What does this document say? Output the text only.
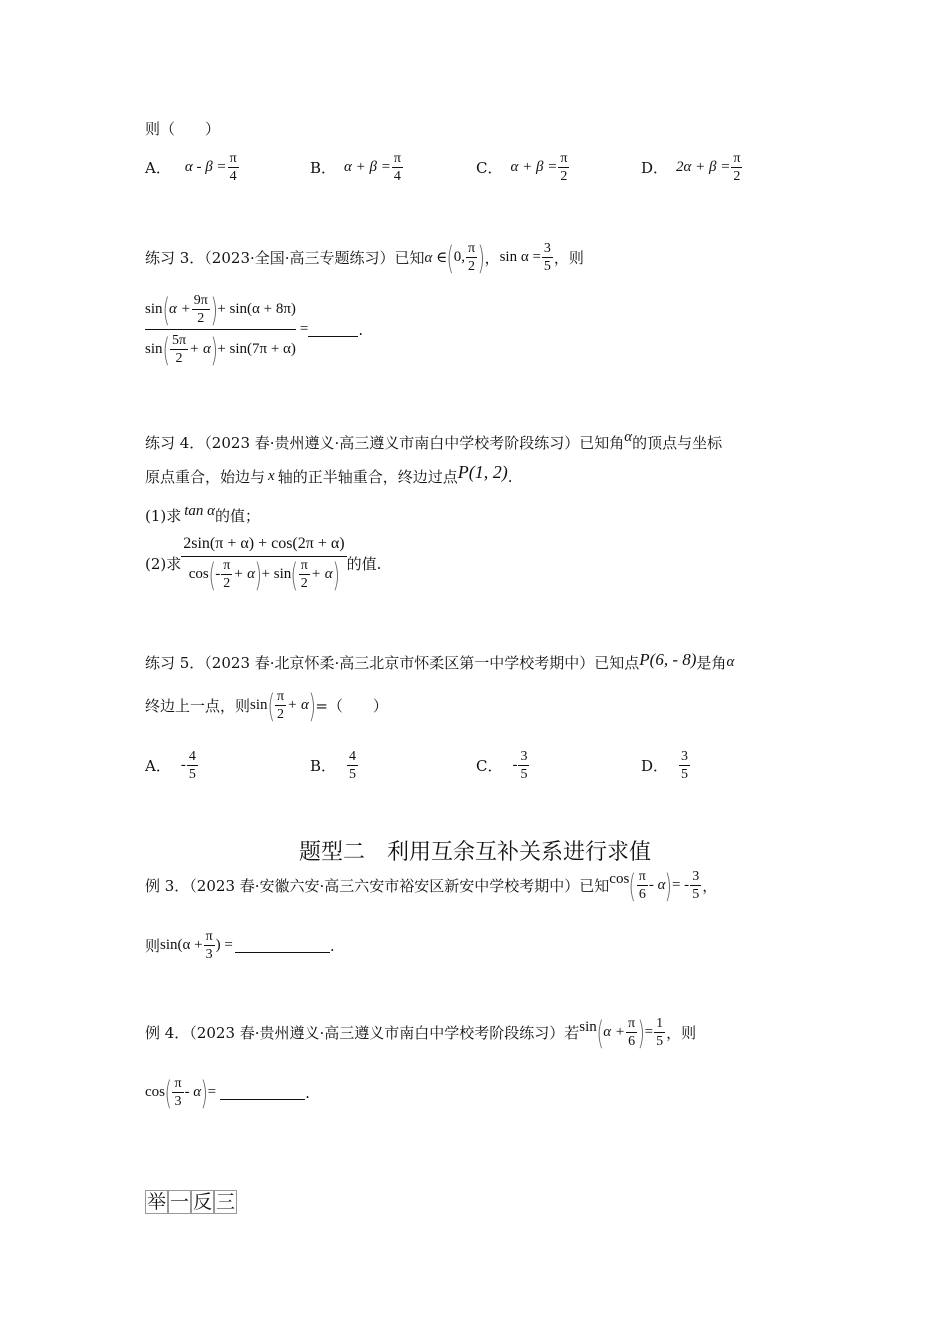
则（　　）
A． $\alpha - \beta = \frac{\pi}{4}$	B． $\alpha + \beta = \frac{\pi}{4}$	C． $\alpha + \beta = \frac{\pi}{2}$	D． $2\alpha + \beta = \frac{\pi}{2}$
练习 3．（2023·全国·高三专题练习）已知 α ∈ ( 0, $\frac{\pi}{2}$ ) ， $\sin \alpha = \frac{3}{5}$ ，则
$\frac{\sin ( \alpha + \frac{9\pi}{2} ) + \sin(\alpha + 8\pi)}{\sin ( \frac{5\pi}{2} + \alpha ) + \sin(7\pi + \alpha)}$ =	.
练习 4．（2023 春·贵州遵义·高三遵义市南白中学校考阶段练习）已知角 α 的顶点与坐标
原点重合，始边与 x 轴的正半轴重合，终边过点 P(1, 2) .
(1)求 tan α 的值；
(2)求
2sin(π + α) + cos(2π + α)
cos ( - $\frac{\pi}{2} + \alpha$ ) + sin ( $\frac{\pi}{2} + \alpha$ ) 的值.
练习 5．（2023 春·北京怀柔·高三北京市怀柔区第一中学校考期中）已知点 P(6, - 8) 是角 α
终边上一点，则 sin ( $\frac{\pi}{2} + \alpha$ ) =（　　）
A． - $\frac{4}{5}$	B． $\frac{4}{5}$	C． - $\frac{3}{5}$	D． $\frac{3}{5}$
题型二　利用互余互补关系进行求值
例 3．（2023 春·安徽六安·高三六安市裕安区新安中学校考期中）已知 cos ( $\frac{\pi}{6}$ - α ) = - $\frac{3}{5}$ ，
则 $\sin(\alpha + \frac{\pi}{3}$ ) =	.
例 4．（2023 春·贵州遵义·高三遵义市南白中学校考阶段练习）若 sin ( $\alpha + \frac{\pi}{6}$ ) = $\frac{1}{5}$ ，则
cos ( $\frac{\pi}{3}$ - α ) =	.
举 一 反 三
